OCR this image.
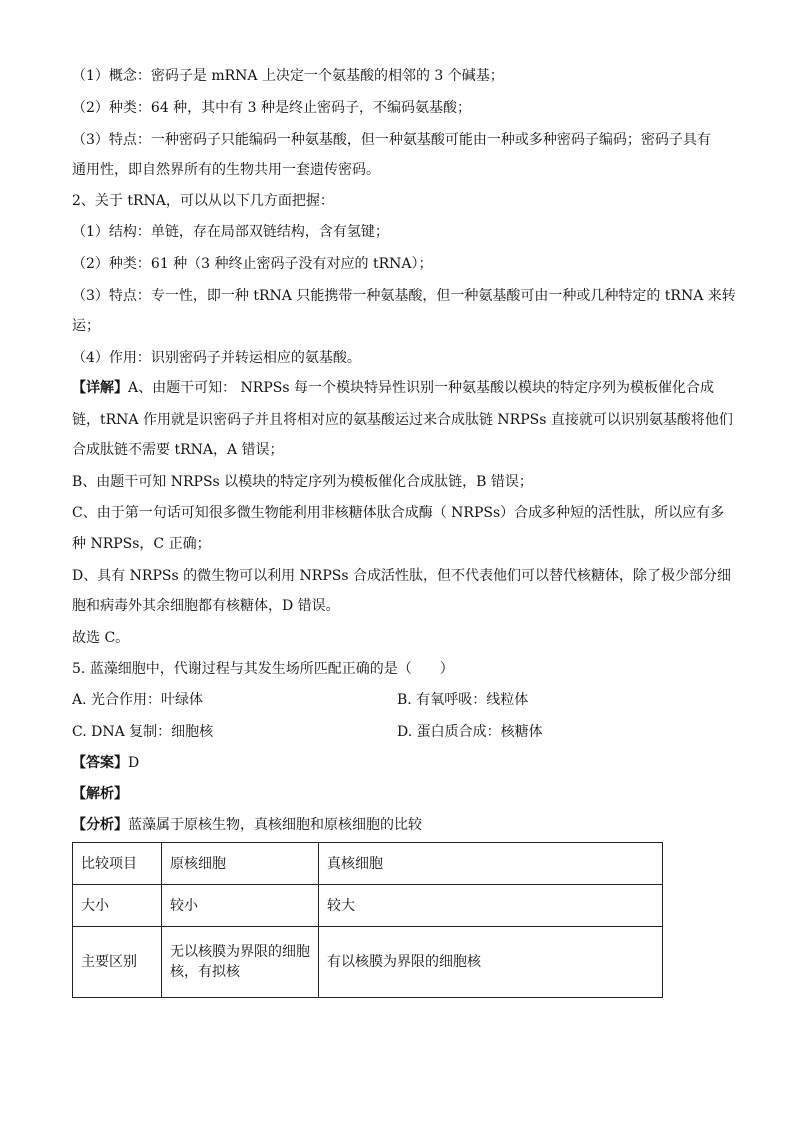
（1）概念：密码子是 mRNA 上决定一个氨基酸的相邻的 3 个碱基；
（2）种类：64 种，其中有 3 种是终止密码子，不编码氨基酸；
（3）特点：一种密码子只能编码一种氨基酸，但一种氨基酸可能由一种或多种密码子编码；密码子具有
通用性，即自然界所有的生物共用一套遗传密码。
2、关于 tRNA，可以从以下几方面把握：
（1）结构：单链，存在局部双链结构，含有氢键；
（2）种类：61 种（3 种终止密码子没有对应的 tRNA）；
（3）特点：专一性，即一种 tRNA 只能携带一种氨基酸，但一种氨基酸可由一种或几种特定的 tRNA 来转
运；
（4）作用：识别密码子并转运相应的氨基酸。
【详解】A、由题干可知： NRPSs 每一个模块特异性识别一种氨基酸以模块的特定序列为模板催化合成
链，tRNA 作用就是识密码子并且将相对应的氨基酸运过来合成肽链 NRPSs 直接就可以识别氨基酸将他们
合成肽链不需要 tRNA，A 错误；
B、由题干可知 NRPSs 以模块的特定序列为模板催化合成肽链，B 错误；
C、由于第一句话可知很多微生物能利用非核糖体肽合成酶（ NRPSs）合成多种短的活性肽，所以应有多
种 NRPSs，C 正确；
D、具有 NRPSs 的微生物可以利用 NRPSs 合成活性肽，但不代表他们可以替代核糖体，除了极少部分细
胞和病毒外其余细胞都有核糖体，D 错误。
故选 C。
5. 蓝藻细胞中，代谢过程与其发生场所匹配正确的是（　　）
A. 光合作用：叶绿体	B. 有氧呼吸：线粒体
C. DNA 复制：细胞核	D. 蛋白质合成：核糖体
【答案】D
【解析】
【分析】蓝藻属于原核生物，真核细胞和原核细胞的比较
比较项目	原核细胞	真核细胞
大小	较小	较大
主要区别	无以核膜为界限的细胞核，有拟核	有以核膜为界限的细胞核
